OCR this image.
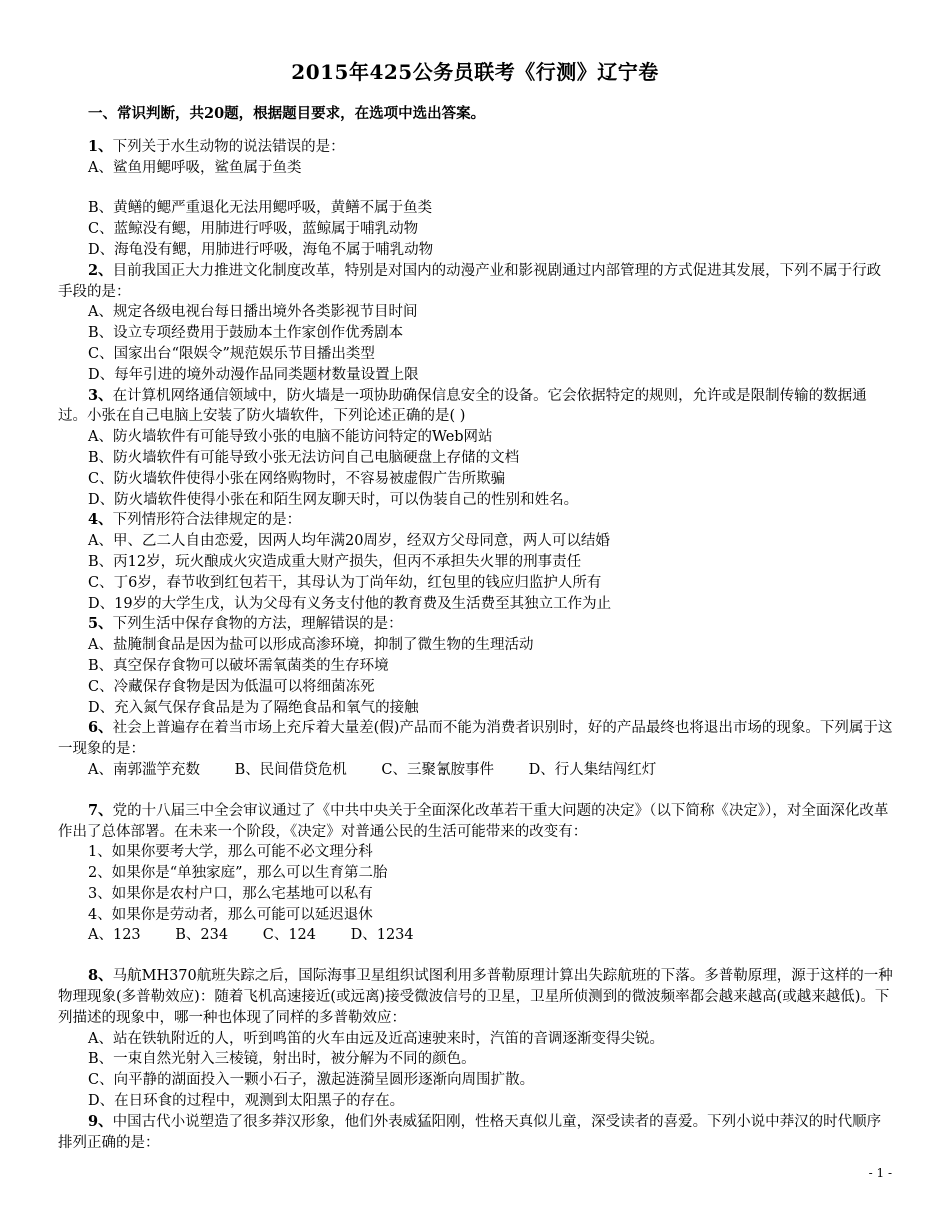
2015年425公务员联考《行测》辽宁卷
一、常识判断，共20题，根据题目要求，在选项中选出答案。
1、下列关于水生动物的说法错误的是：
A、鲨鱼用鳃呼吸，鲨鱼属于鱼类
B、黄鳝的鳃严重退化无法用鳃呼吸，黄鳝不属于鱼类
C、蓝鲸没有鳃，用肺进行呼吸，蓝鲸属于哺乳动物
D、海龟没有鳃，用肺进行呼吸，海龟不属于哺乳动物
2、目前我国正大力推进文化制度改革，特别是对国内的动漫产业和影视剧通过内部管理的方式促进其发展，下列不属于行政手段的是：
A、规定各级电视台每日播出境外各类影视节目时间
B、设立专项经费用于鼓励本土作家创作优秀剧本
C、国家出台“限娱令”规范娱乐节目播出类型
D、每年引进的境外动漫作品同类题材数量设置上限
3、在计算机网络通信领域中，防火墙是一项协助确保信息安全的设备。它会依据特定的规则，允许或是限制传输的数据通过。小张在自己电脑上安装了防火墙软件，下列论述正确的是( )
A、防火墙软件有可能导致小张的电脑不能访问特定的Web网站
B、防火墙软件有可能导致小张无法访问自己电脑硬盘上存储的文档
C、防火墙软件使得小张在网络购物时，不容易被虚假广告所欺骗
D、防火墙软件使得小张在和陌生网友聊天时，可以伪装自己的性别和姓名。
4、下列情形符合法律规定的是：
A、甲、乙二人自由恋爱，因两人均年满20周岁，经双方父母同意，两人可以结婚
B、丙12岁，玩火酿成火灾造成重大财产损失，但丙不承担失火罪的刑事责任
C、丁6岁，春节收到红包若干，其母认为丁尚年幼，红包里的钱应归监护人所有
D、19岁的大学生戊，认为父母有义务支付他的教育费及生活费至其独立工作为止
5、下列生活中保存食物的方法，理解错误的是：
A、盐腌制食品是因为盐可以形成高渗环境，抑制了微生物的生理活动
B、真空保存食物可以破坏需氧菌类的生存环境
C、冷藏保存食物是因为低温可以将细菌冻死
D、充入氮气保存食品是为了隔绝食品和氧气的接触
6、社会上普遍存在着当市场上充斥着大量差(假)产品而不能为消费者识别时，好的产品最终也将退出市场的现象。下列属于这一现象的是：
A、南郭滥竽充数 B、民间借贷危机 C、三聚氰胺事件 D、行人集结闯红灯
7、党的十八届三中全会审议通过了《中共中央关于全面深化改革若干重大问题的决定》（以下简称《决定》），对全面深化改革作出了总体部署。在未来一个阶段，《决定》对普通公民的生活可能带来的改变有：
1、如果你要考大学，那么可能不必文理分科
2、如果你是“单独家庭”，那么可以生育第二胎
3、如果你是农村户口，那么宅基地可以私有
4、如果你是劳动者，那么可能可以延迟退休
A、123 B、234 C、124 D、1234
8、马航MH370航班失踪之后，国际海事卫星组织试图利用多普勒原理计算出失踪航班的下落。多普勒原理，源于这样的一种物理现象(多普勒效应)：随着飞机高速接近(或远离)接受微波信号的卫星，卫星所侦测到的微波频率都会越来越高(或越来越低)。下列描述的现象中，哪一种也体现了同样的多普勒效应：
A、站在铁轨附近的人，听到鸣笛的火车由远及近高速驶来时，汽笛的音调逐渐变得尖锐。
B、一束自然光射入三棱镜，射出时，被分解为不同的颜色。
C、向平静的湖面投入一颗小石子，激起涟漪呈圆形逐渐向周围扩散。
D、在日环食的过程中，观测到太阳黑子的存在。
9、中国古代小说塑造了很多莽汉形象，他们外表威猛阳刚，性格天真似儿童，深受读者的喜爱。下列小说中莽汉的时代顺序排列正确的是：
- 1 -
